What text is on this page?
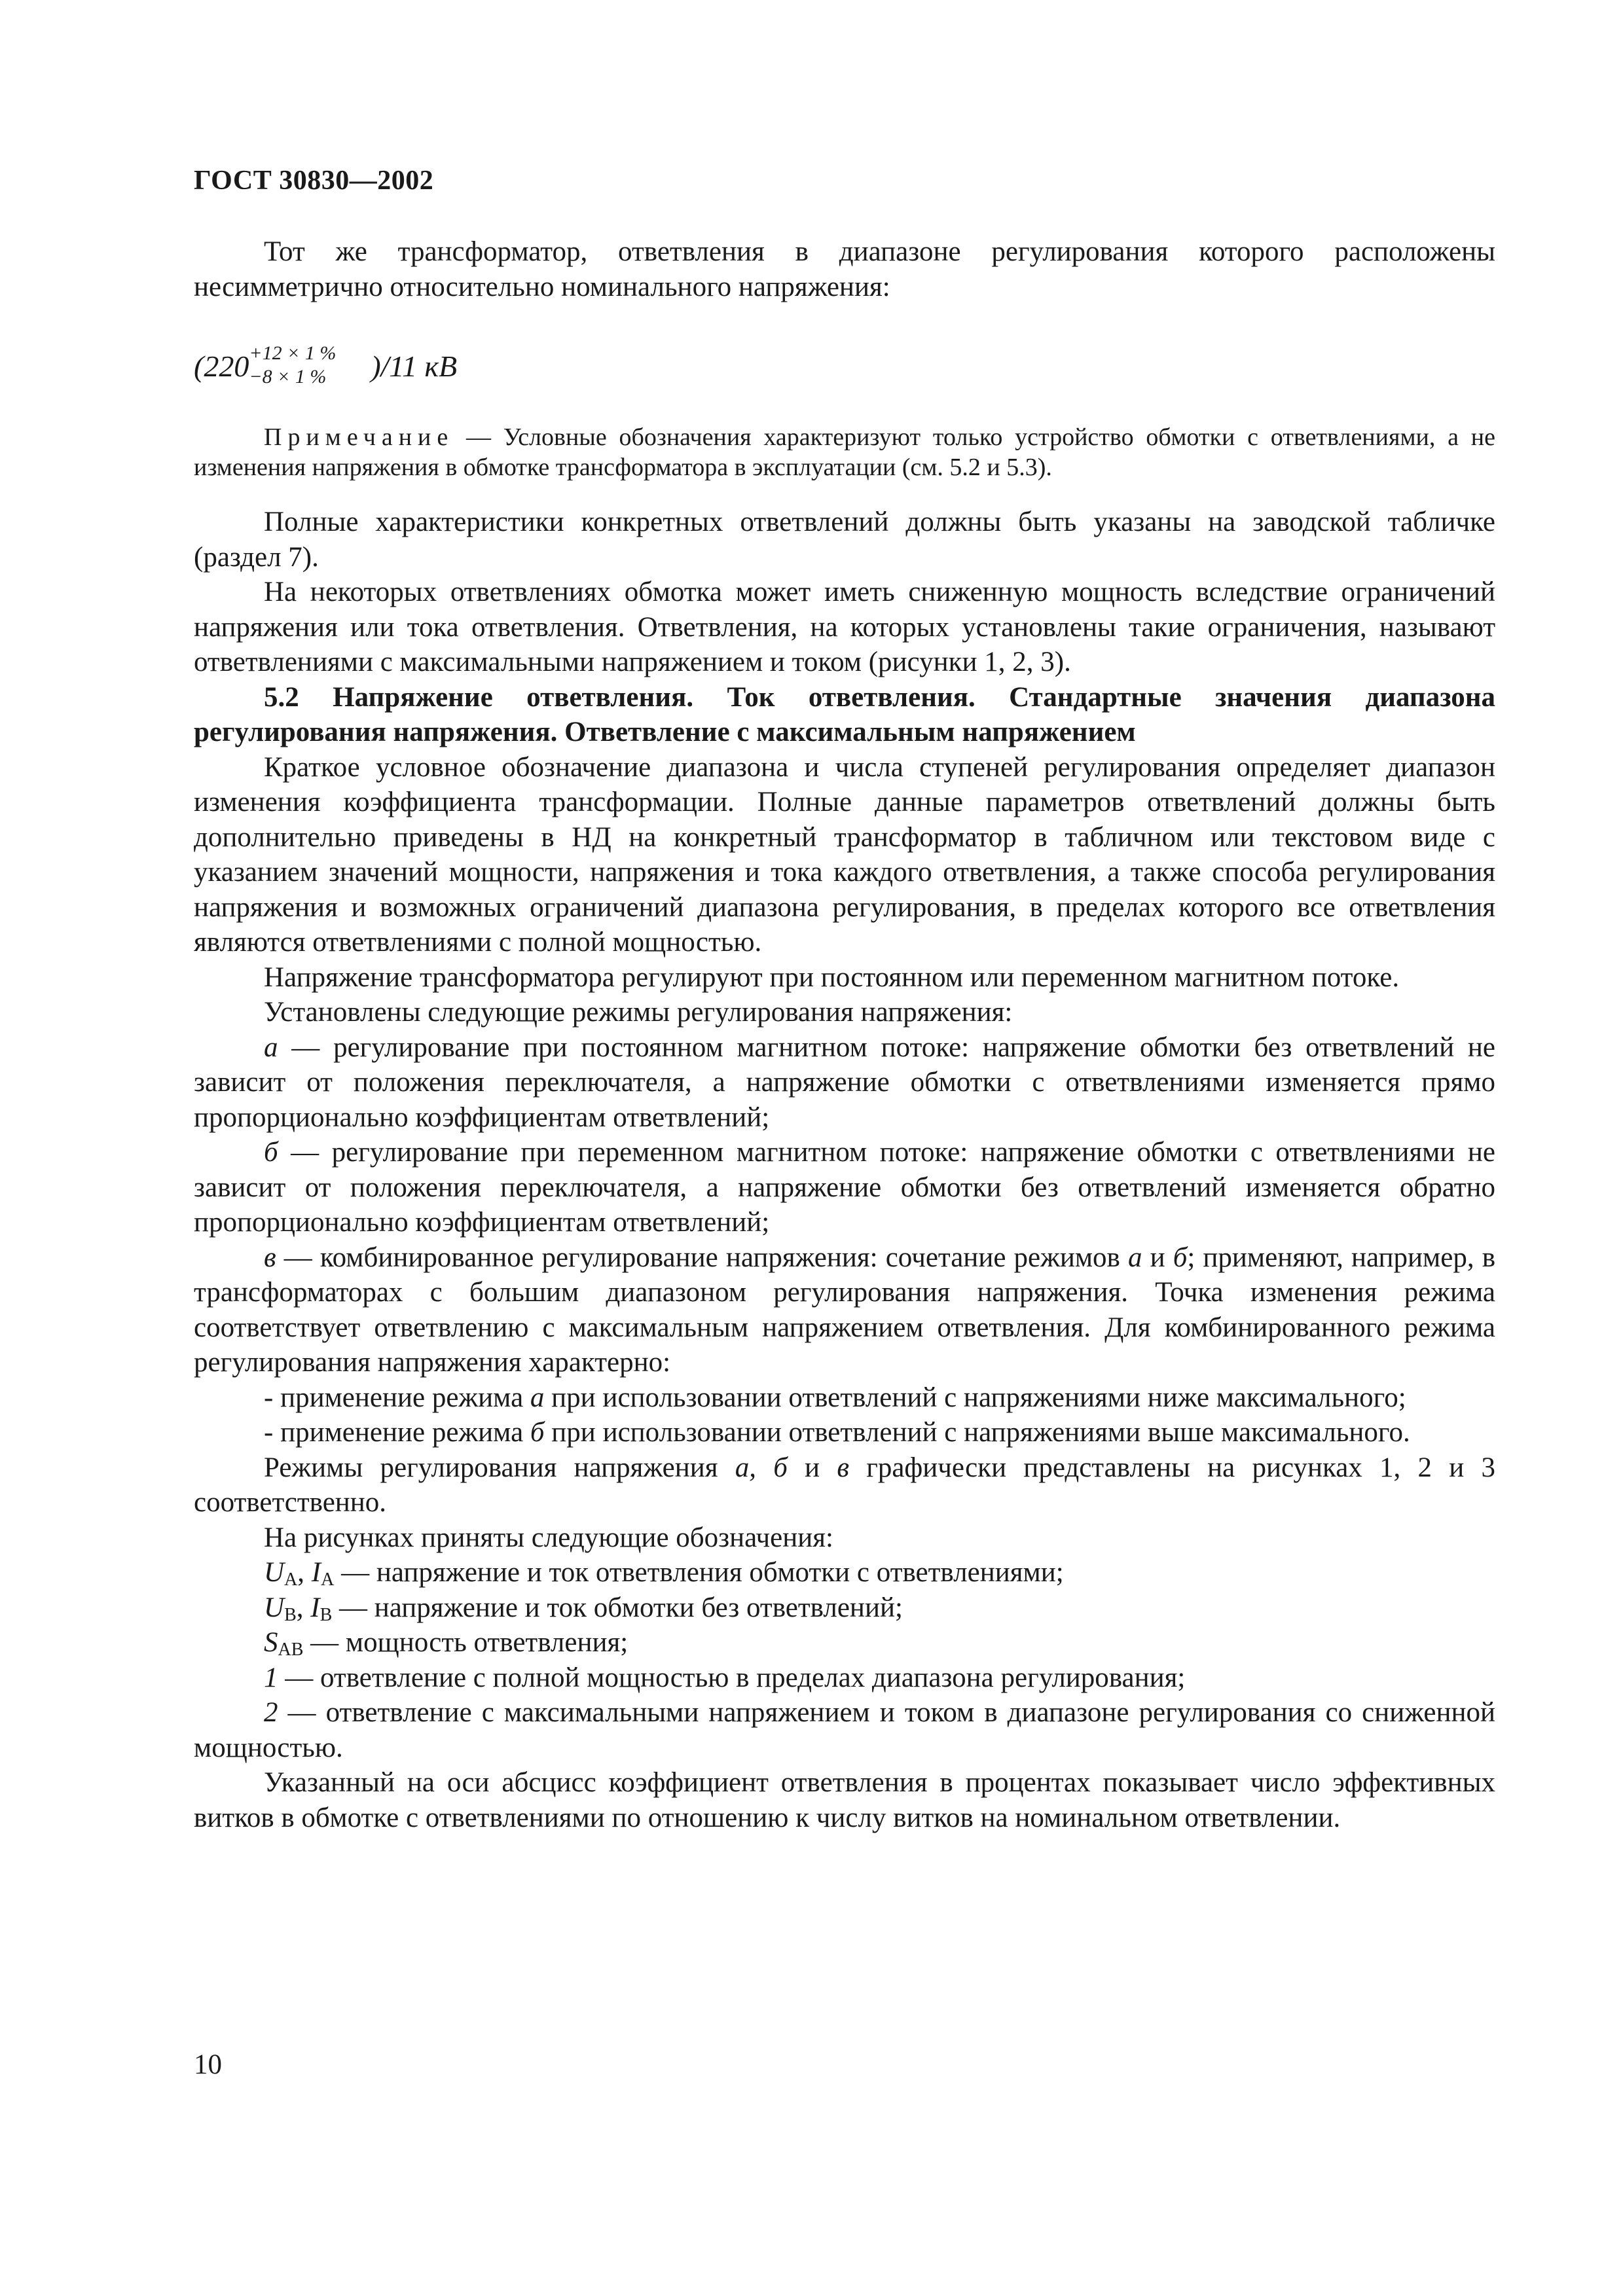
ГОСТ 30830—2002

Тот же трансформатор, ответвления в диапазоне регулирования которого расположены несимметрично относительно номинального напряжения:

(220 +12 × 1 %
−8 × 1 % )/11 кВ

Примечание — Условные обозначения характеризуют только устройство обмотки с ответвлениями, а не изменения напряжения в обмотке трансформатора в эксплуатации (см. 5.2 и 5.3).

Полные характеристики конкретных ответвлений должны быть указаны на заводской табличке (раздел 7).

На некоторых ответвлениях обмотка может иметь сниженную мощность вследствие ограничений напряжения или тока ответвления. Ответвления, на которых установлены такие ограничения, называют ответвлениями с максимальными напряжением и током (рисунки 1, 2, 3).

5.2 Напряжение ответвления. Ток ответвления. Стандартные значения диапазона регулирования напряжения. Ответвление с максимальным напряжением

Краткое условное обозначение диапазона и числа ступеней регулирования определяет диапазон изменения коэффициента трансформации. Полные данные параметров ответвлений должны быть дополнительно приведены в НД на конкретный трансформатор в табличном или текстовом виде с указанием значений мощности, напряжения и тока каждого ответвления, а также способа регулирования напряжения и возможных ограничений диапазона регулирования, в пределах которого все ответвления являются ответвлениями с полной мощностью.

Напряжение трансформатора регулируют при постоянном или переменном магнитном потоке.

Установлены следующие режимы регулирования напряжения:

а — регулирование при постоянном магнитном потоке: напряжение обмотки без ответвлений не зависит от положения переключателя, а напряжение обмотки с ответвлениями изменяется прямо пропорционально коэффициентам ответвлений;

б — регулирование при переменном магнитном потоке: напряжение обмотки с ответвлениями не зависит от положения переключателя, а напряжение обмотки без ответвлений изменяется обратно пропорционально коэффициентам ответвлений;

в — комбинированное регулирование напряжения: сочетание режимов а и б; применяют, например, в трансформаторах с большим диапазоном регулирования напряжения. Точка изменения режима соответствует ответвлению с максимальным напряжением ответвления. Для комбинированного режима регулирования напряжения характерно:

- применение режима а при использовании ответвлений с напряжениями ниже максимального;

- применение режима б при использовании ответвлений с напряжениями выше максимального.

Режимы регулирования напряжения а, б и в графически представлены на рисунках 1, 2 и 3 соответственно.

На рисунках приняты следующие обозначения:

$U_A$, $I_A$ — напряжение и ток ответвления обмотки с ответвлениями;

$U_B$, $I_B$ — напряжение и ток обмотки без ответвлений;

$S_{AB}$ — мощность ответвления;

1 — ответвление с полной мощностью в пределах диапазона регулирования;

2 — ответвление с максимальными напряжением и током в диапазоне регулирования со сниженной мощностью.

Указанный на оси абсцисс коэффициент ответвления в процентах показывает число эффективных витков в обмотке с ответвлениями по отношению к числу витков на номинальном ответвлении.

10
